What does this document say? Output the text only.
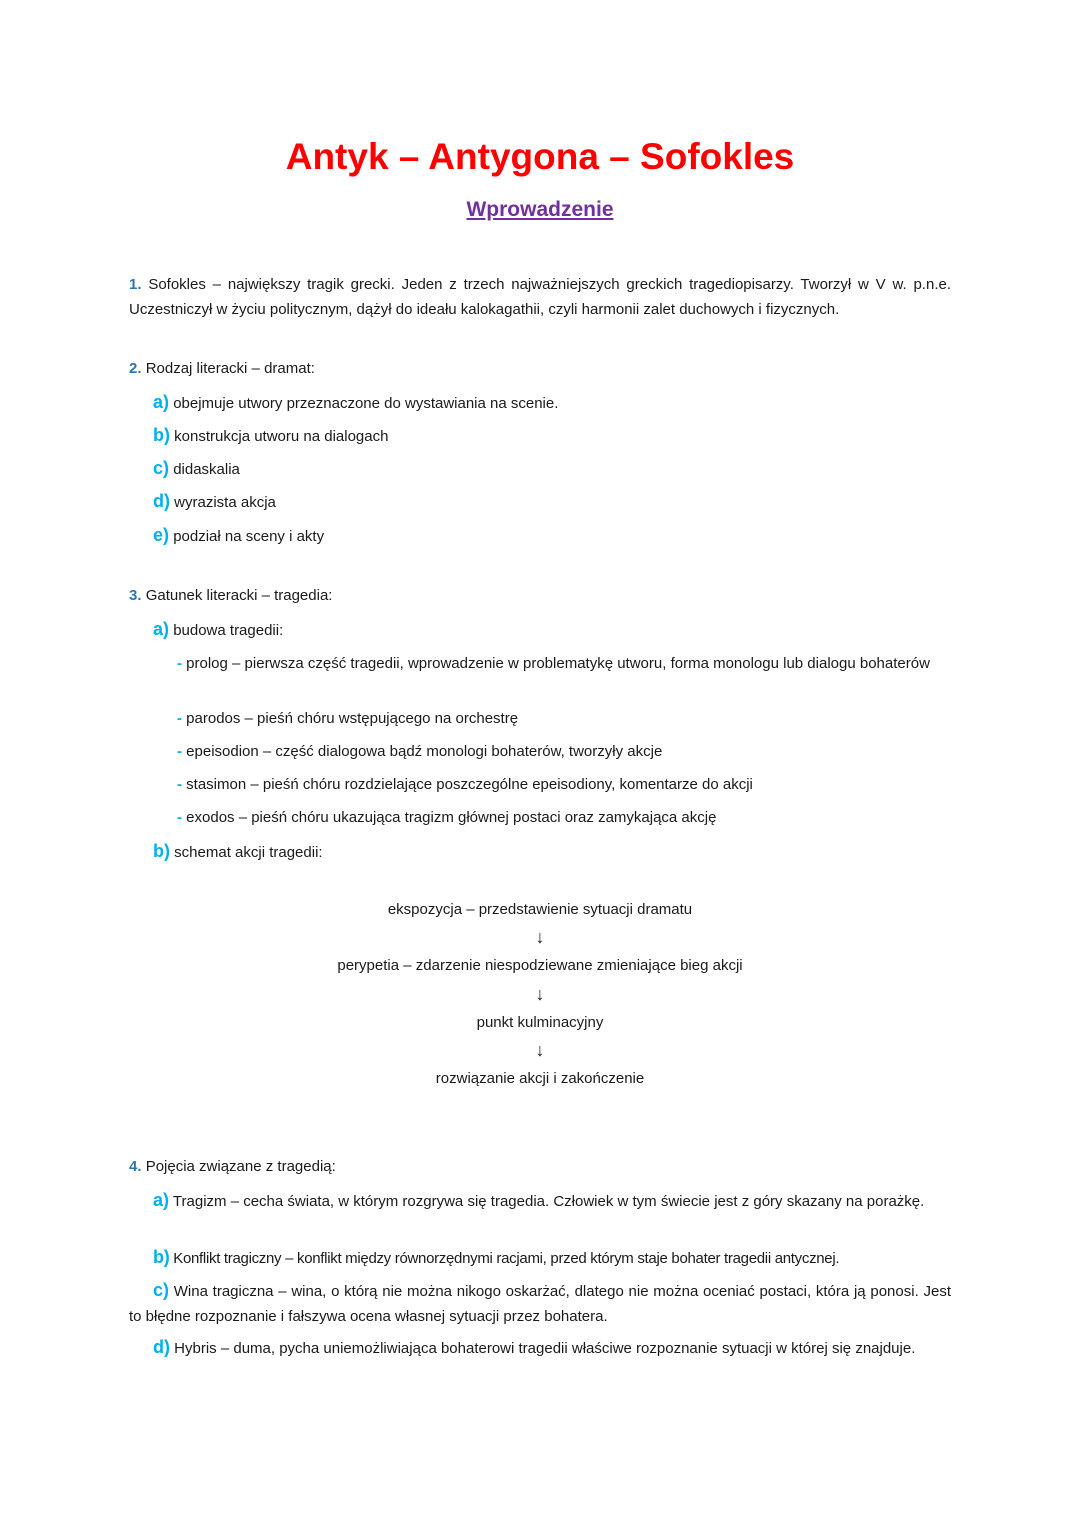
Antyk – Antygona – Sofokles
Wprowadzenie
1. Sofokles – największy tragik grecki. Jeden z trzech najważniejszych greckich tragediopisarzy. Tworzył w V w. p.n.e. Uczestniczył w życiu politycznym, dążył do ideału kalokagathii, czyli harmonii zalet duchowych i fizycznych.
2. Rodzaj literacki – dramat:
a) obejmuje utwory przeznaczone do wystawiania na scenie.
b) konstrukcja utworu na dialogach
c) didaskalia
d) wyrazista akcja
e) podział na sceny i akty
3. Gatunek literacki – tragedia:
a) budowa tragedii:
- prolog – pierwsza część tragedii, wprowadzenie w problematykę utworu, forma monologu lub dialogu bohaterów
- parodos – pieśń chóru wstępującego na orchestrę
- epeisodion – część dialogowa bądź monologi bohaterów, tworzyły akcje
- stasimon – pieśń chóru rozdzielające poszczególne epeisodiony, komentarze do akcji
- exodos – pieśń chóru ukazująca tragizm głównej postaci oraz zamykająca akcję
b) schemat akcji tragedii:
ekspozycja – przedstawienie sytuacji dramatu
↓
perypetia – zdarzenie niespodziewane zmieniające bieg akcji
↓
punkt kulminacyjny
↓
rozwiązanie akcji i zakończenie
4. Pojęcia związane z tragedią:
a) Tragizm – cecha świata, w którym rozgrywa się tragedia. Człowiek w tym świecie jest z góry skazany na porażkę.
b) Konflikt tragiczny – konflikt między równorzędnymi racjami, przed którym staje bohater tragedii antycznej.
c) Wina tragiczna – wina, o którą nie można nikogo oskarżać, dlatego nie można oceniać postaci, która ją ponosi. Jest to błędne rozpoznanie i fałszywa ocena własnej sytuacji przez bohatera.
d) Hybris – duma, pycha uniemożliwiająca bohaterowi tragedii właściwe rozpoznanie sytuacji w której się znajduje.
